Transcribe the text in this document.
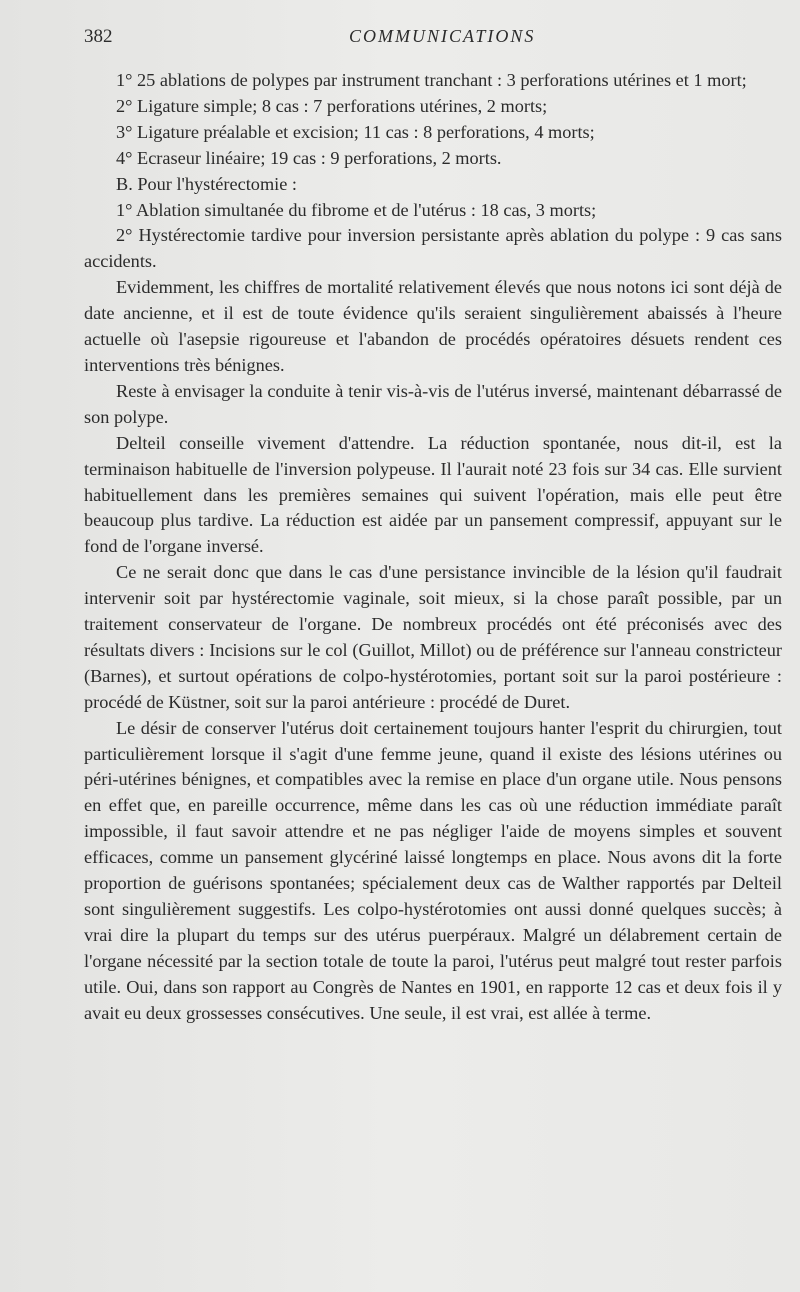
382	COMMUNICATIONS

1° 25 ablations de polypes par instrument tranchant : 3 perforations utérines et 1 mort;

2° Ligature simple; 8 cas : 7 perforations utérines, 2 morts;

3° Ligature préalable et excision; 11 cas : 8 perforations, 4 morts;

4° Ecraseur linéaire; 19 cas : 9 perforations, 2 morts.

B. Pour l'hystérectomie :

1° Ablation simultanée du fibrome et de l'utérus : 18 cas, 3 morts;

2° Hystérectomie tardive pour inversion persistante après ablation du polype : 9 cas sans accidents.

Evidemment, les chiffres de mortalité relativement élevés que nous notons ici sont déjà de date ancienne, et il est de toute évidence qu'ils seraient singulièrement abaissés à l'heure actuelle où l'asepsie rigoureuse et l'abandon de procédés opératoires désuets rendent ces interventions très bénignes.

Reste à envisager la conduite à tenir vis-à-vis de l'utérus inversé, maintenant débarrassé de son polype.

Delteil conseille vivement d'attendre. La réduction spontanée, nous dit-il, est la terminaison habituelle de l'inversion polypeuse. Il l'aurait noté 23 fois sur 34 cas. Elle survient habituellement dans les premières semaines qui suivent l'opération, mais elle peut être beaucoup plus tardive. La réduction est aidée par un pansement compressif, appuyant sur le fond de l'organe inversé.

Ce ne serait donc que dans le cas d'une persistance invincible de la lésion qu'il faudrait intervenir soit par hystérectomie vaginale, soit mieux, si la chose paraît possible, par un traitement conservateur de l'organe. De nombreux procédés ont été préconisés avec des résultats divers : Incisions sur le col (Guillot, Millot) ou de préférence sur l'anneau constricteur (Barnes), et surtout opérations de colpo-hystérotomies, portant soit sur la paroi postérieure : procédé de Küstner, soit sur la paroi antérieure : procédé de Duret.

Le désir de conserver l'utérus doit certainement toujours hanter l'esprit du chirurgien, tout particulièrement lorsque il s'agit d'une femme jeune, quand il existe des lésions utérines ou péri-utérines bénignes, et compatibles avec la remise en place d'un organe utile. Nous pensons en effet que, en pareille occurrence, même dans les cas où une réduction immédiate paraît impossible, il faut savoir attendre et ne pas négliger l'aide de moyens simples et souvent efficaces, comme un pansement glycériné laissé longtemps en place. Nous avons dit la forte proportion de guérisons spontanées; spécialement deux cas de Walther rapportés par Delteil sont singulièrement suggestifs. Les colpo-hystérotomies ont aussi donné quelques succès; à vrai dire la plupart du temps sur des utérus puerpéraux. Malgré un délabrement certain de l'organe nécessité par la section totale de toute la paroi, l'utérus peut malgré tout rester parfois utile. Oui, dans son rapport au Congrès de Nantes en 1901, en rapporte 12 cas et deux fois il y avait eu deux grossesses consécutives. Une seule, il est vrai, est allée à terme.
